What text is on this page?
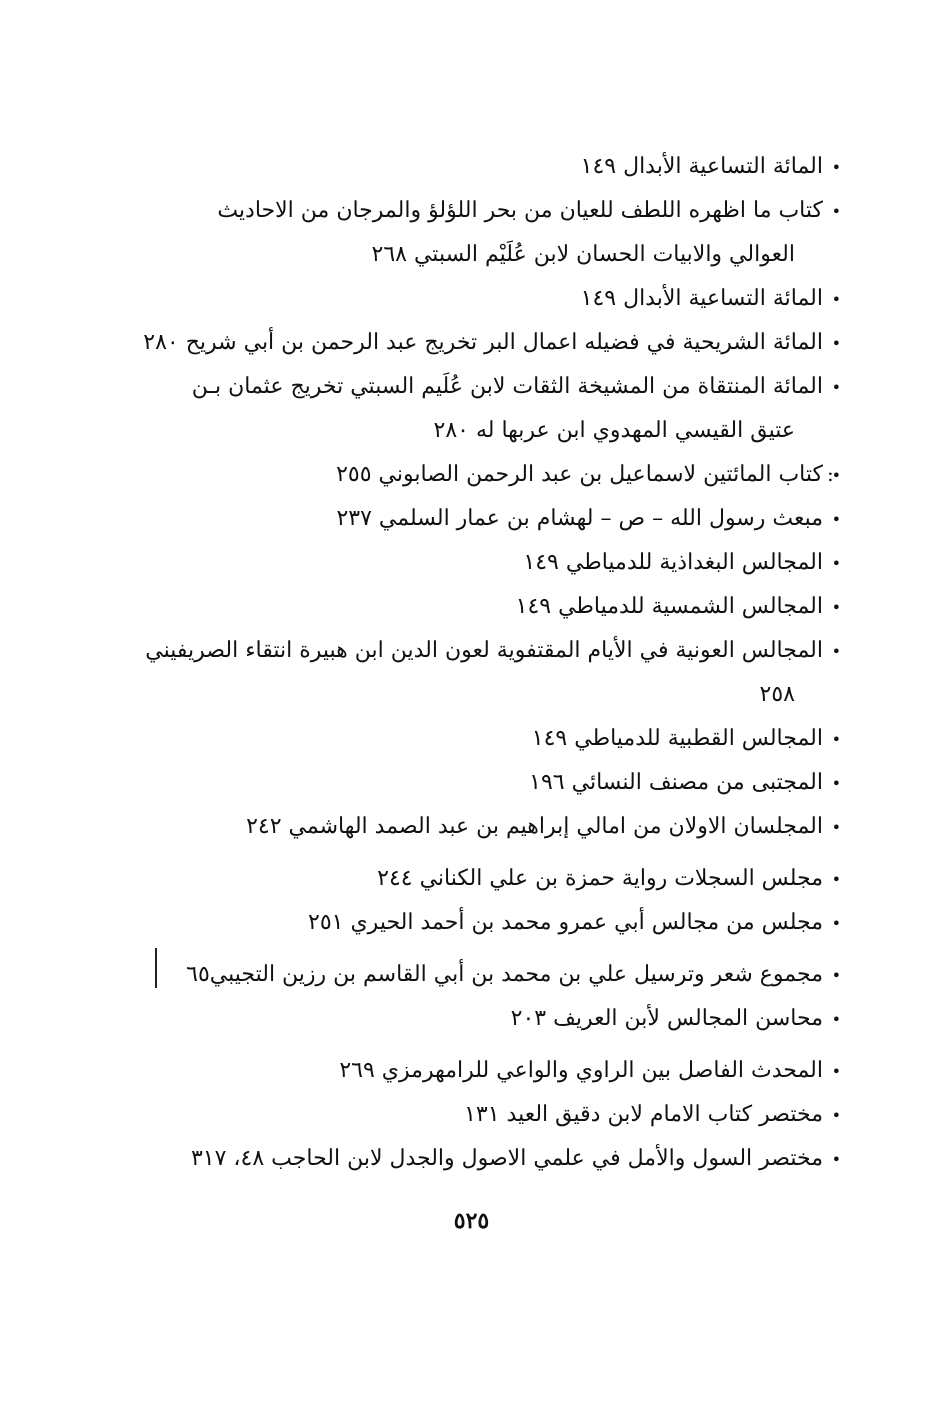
•
المائة التساعية الأبدال ١٤٩
•
كتاب ما اظهره اللطف للعيان من بحر اللؤلؤ والمرجان من الاحاديث
العوالي والابيات الحسان لابن عُلَيْم السبتي ٢٦٨
•
المائة التساعية الأبدال ١٤٩
•
المائة الشريحية في فضيله اعمال البر تخريج عبد الرحمن بن أبي شريح ٢٨٠
•
المائة المنتقاة من المشيخة الثقات لابن عُلَيم السبتي تخريج عثمان بـن
عتيق القيسي المهدوي ابن عربها له ٢٨٠
•
كتاب المائتين لاسماعيل بن عبد الرحمن الصابوني ٢٥٥
•
مبعث رسول الله – ص – لهشام بن عمار السلمي ٢٣٧
•
المجالس البغداذية للدمياطي ١٤٩
•
المجالس الشمسية للدمياطي ١٤٩
•
المجالس العونية في الأيام المقتفوية لعون الدين ابن هبيرة انتقاء الصريفيني
٢٥٨
•
المجالس القطبية للدمياطي ١٤٩
•
المجتبى من مصنف النسائي ١٩٦
•
المجلسان الاولان من امالي إبراهيم بن عبد الصمد الهاشمي ٢٤٢
•
مجلس السجلات رواية حمزة بن علي الكناني ٢٤٤
•
مجلس من مجالس أبي عمرو محمد بن أحمد الحيري ٢٥١
•
مجموع شعر وترسيل علي بن محمد بن أبي القاسم بن رزين التجيبي٦٥
•
محاسن المجالس لأبن العريف ٢٠٣
•
المحدث الفاصل بين الراوي والواعي للرامهرمزي ٢٦٩
•
مختصر كتاب الامام لابن دقيق العيد ١٣١
•
مختصر السول والأمل في علمي الاصول والجدل لابن الحاجب ٤٨، ٣١٧
:
٥٢٥
